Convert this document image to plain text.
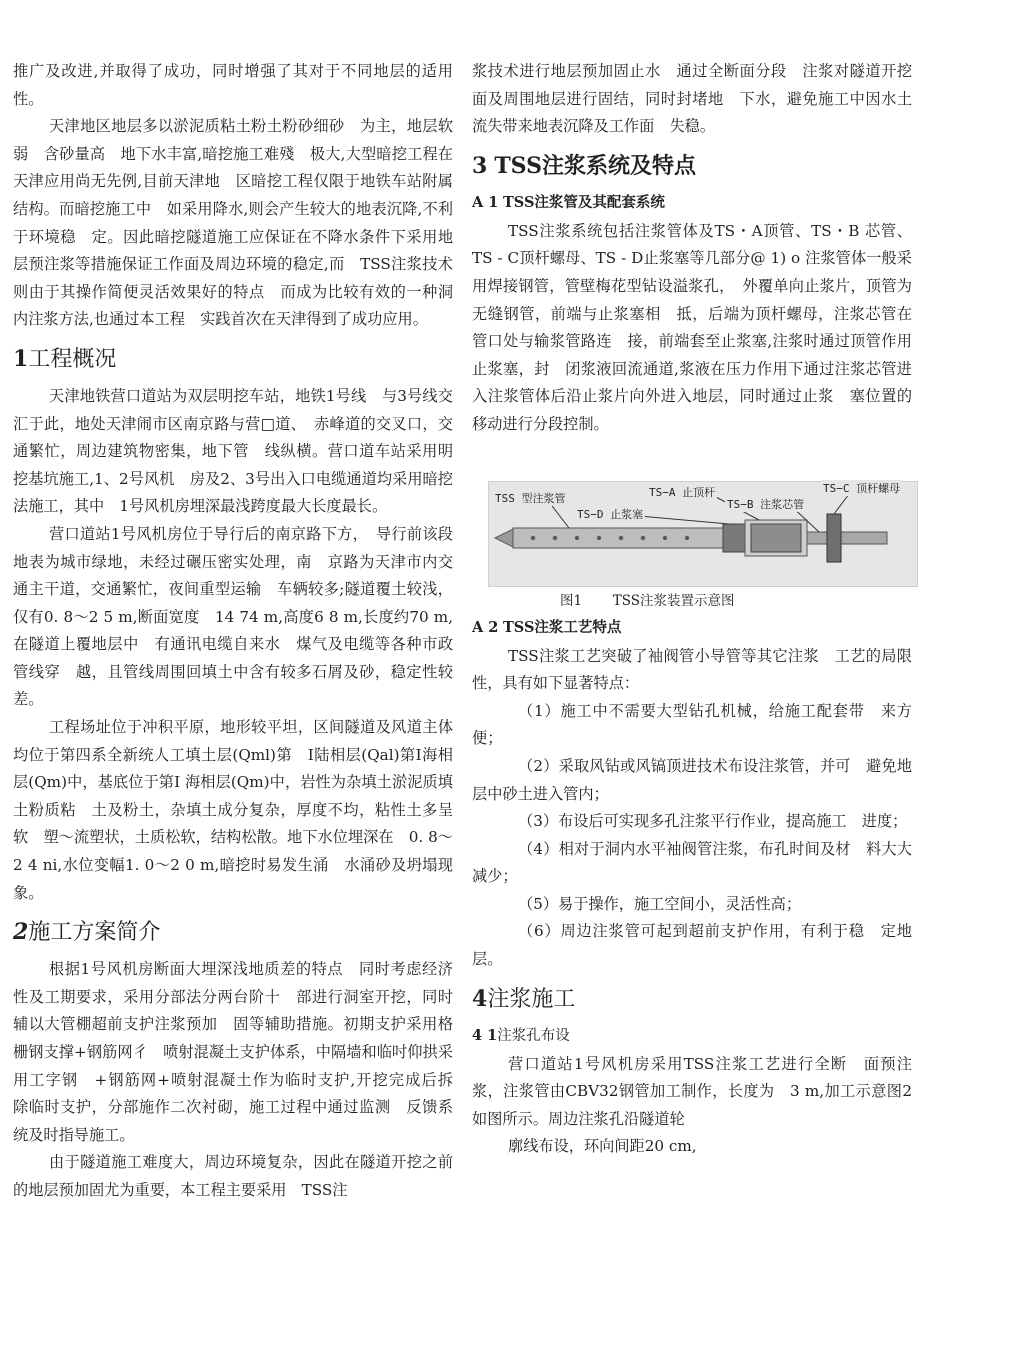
推广及改进,并取得了成功，同时增强了其对于不同地层的适用性。

天津地区地层多以淤泥质粘土粉土粉砂细砂　为主，地层软弱　含砂量高　地下水丰富,暗挖施工难殘　极大,大型暗挖工程在天津应用尚无先例,目前天津地　区暗挖工程仅限于地铁车站附属结构。而暗挖施工中　如采用降水,则会产生较大的地表沉降,不利于环境稳　定。因此暗挖隧道施工应保证在不降水条件下采用地　层预注浆等措施保证工作面及周边环境的稳定,而　TSS注浆技术则由于其操作简便灵活效果好的特点　而成为比较有效的一种洞内注浆方法,也通过本工程　实践首次在天津得到了成功应用。

1工程概况

天津地铁营口道站为双层明挖车站，地铁1号线　与3号线交汇于此，地处天津闹市区南京路与营□道、　赤峰道的交叉口，交通繁忙，周边建筑物密集，地下管　线纵横。营口道车站采用明挖基坑施工,1、2号风机　房及2、3号出入口电缆通道均采用暗挖法施工，其中　1号风机房埋深最浅跨度最大长度最长。

营口道站1号风机房位于导行后的南京路下方，　导行前该段地表为城市绿地，未经过碾压密实处理，南　京路为天津市内交通主干道，交通繁忙，夜间重型运输　车辆较多;隧道覆土较浅，仅有0. 8～2 5 m,断面宽度　14 74 m,高度6 8 m,长度约70 m,在隧道上覆地层中　有通讯电缆自来水　煤气及电缆等各种市政管线穿　越，且管线周围回填土中含有较多石屑及砂，稳定性较　差。

工程场址位于冲积平原，地形较平坦，区间隧道及风道主体均位于第四系全新统人工填土层(Qml)第　I陆相层(Qal)第I海相层(Qm)中，基底位于第I 海相层(Qm)中，岩性为杂填土淤泥质填土粉质粘　土及粉土，杂填土成分复杂，厚度不均，粘性土多呈软　塑～流塑状，土质松软，结构松散。地下水位埋深在　0. 8～2 4 ni,水位变幅1. 0～2 0 m,暗挖时易发生涌　水涌砂及坍塌现象。

2施工方案简介

根据1号风机房断面大埋深浅地质差的特点　同时考虑经济性及工期要求，采用分部法分两台阶十　部进行洞室开挖，同时辅以大管棚超前支护注浆预加　固等辅助措施。初期支护采用格栅钢支撑+钢筋网彳　喷射混凝土支护体系，中隔墙和临吋仰拱采用工字钢　+钢筋网+喷射混凝土作为临时支护,开挖完成后拆　除临时支护，分部施作二次衬砌，施工过程中通过监测　反馈系统及时指导施工。

由于隧道施工难度大，周边环境复杂，因此在隧道开挖之前的地层预加固尤为重要，本工程主要采用　TSS注

浆技术进行地层预加固止水　通过全断面分段　注浆对隧道开挖面及周围地层进行固结，同时封堵地　下水，避免施工中因水土流失带来地表沉降及工作面　失稳。

3 TSS注浆系统及特点
A 1 TSS注浆管及其配套系统

TSS注浆系统包括注浆管体及TS・A顶管、TS・B 芯管、TS - C顶杆螺母、TS - D止浆塞等几部分@ 1) o 注浆管体一般采用焊接钢管，管壁梅花型钻设溢浆孔，　外覆单向止浆片，顶管为无缝钢管，前端与止浆塞相　抵，后端为顶杆螺母，注浆芯管在管口处与输浆管路连　接，前端套至止浆塞,注浆时通过顶管作用止浆塞，封　闭浆液回流通道,浆液在压力作用下通过注浆芯管进　入注浆管体后沿止浆片向外进入地层，同时通过止浆　塞位置的移动进行分段控制。

TSS 型注浆管
TS−D 止浆塞
TS−A 止顶杆
TS−B 注浆芯管
TS−C 顶杆螺母
图1 TSS注浆装置示意图
A 2 TSS注浆工艺特点

TSS注浆工艺突破了袖阀管小导管等其它注浆　工艺的局限性，具有如下显著特点：

（1）施工中不需要大型钻孔机械，给施工配套带　来方便；

（2）采取风钻或风镐顶进技术布设注浆管，并可　避免地层中砂土进入管内；

（3）布设后可实现多孔注浆平行作业，提高施工　进度；

（4）相对于洞内水平袖阀管注浆，布孔时间及材　料大大减少；

（5）易于操作，施工空间小，灵活性高；

（6）周边注浆管可起到超前支护作用，有利于稳　定地层。

4注浆施工
4 1注浆孔布设

营口道站1号风机房采用TSS注浆工艺进行全断　面预注浆，注浆管由CBV32钢管加工制作，长度为　3 m,加工示意图2如图所示。周边注浆孔沿隧道轮

廓线布设，环向间距20 cm,
